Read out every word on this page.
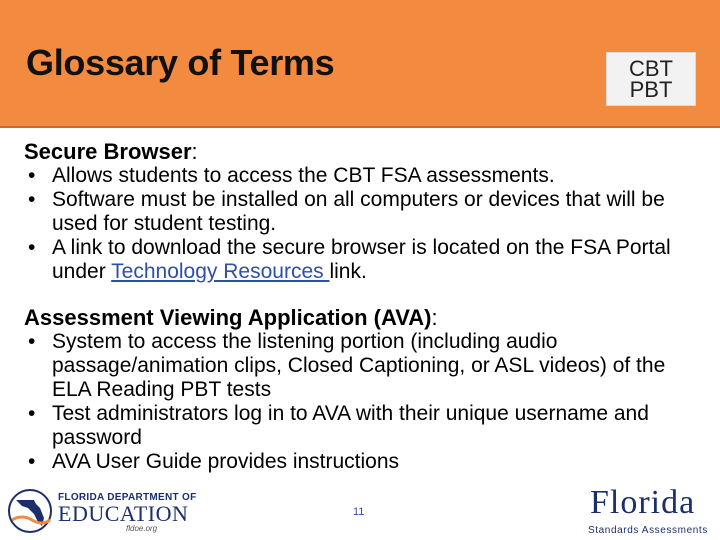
Glossary of Terms	CBT
PBT
Secure Browser:
• Allows students to access the CBT FSA assessments.
• Software must be installed on all computers or devices that will be used for student testing.
• A link to download the secure browser is located on the FSA Portal under Technology Resources link.
Assessment Viewing Application (AVA):
• System to access the listening portion (including audio passage/animation clips, Closed Captioning, or ASL videos) of the ELA Reading PBT tests
• Test administrators log in to AVA with their unique username and password
• AVA User Guide provides instructions
FLORIDA DEPARTMENT OF
EDUCATION
fldoe.org
11	Florida
Standards Assessments
